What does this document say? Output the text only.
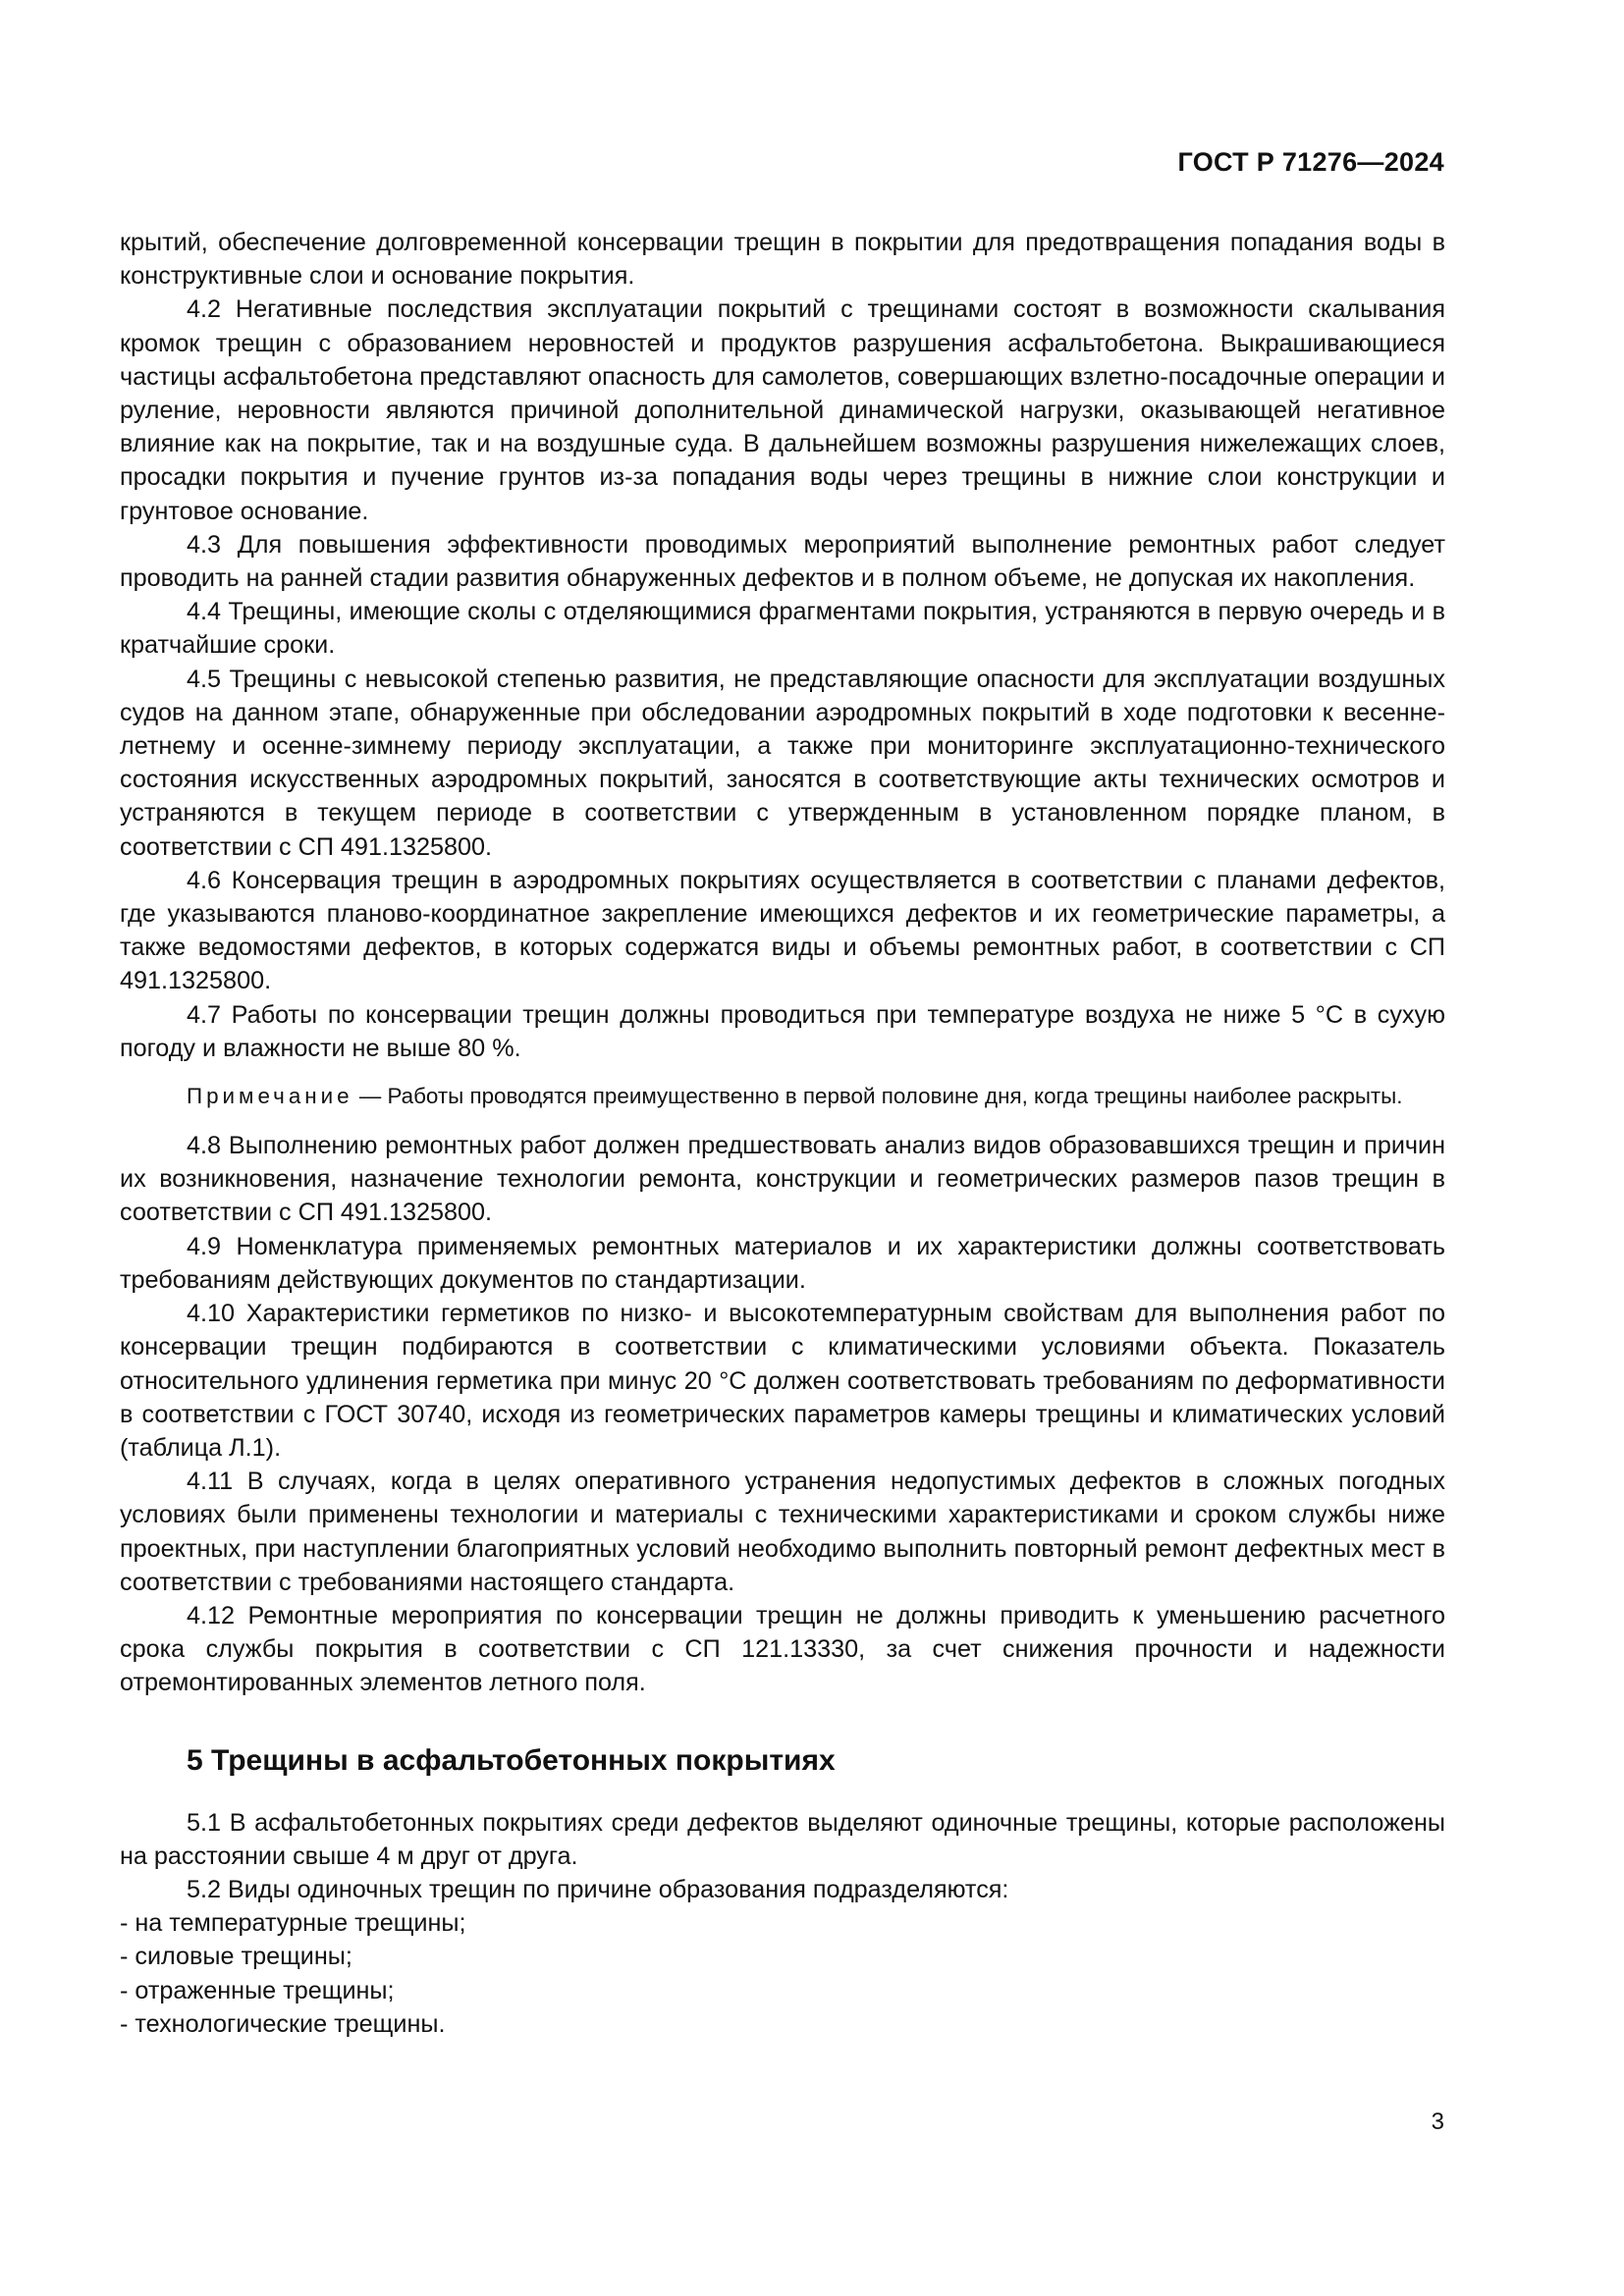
ГОСТ Р 71276—2024

крытий, обеспечение долговременной консервации трещин в покрытии для предотвращения попадания воды в конструктивные слои и основание покрытия.

4.2 Негативные последствия эксплуатации покрытий с трещинами состоят в возможности скалывания кромок трещин с образованием неровностей и продуктов разрушения асфальтобетона. Выкрашивающиеся частицы асфальтобетона представляют опасность для самолетов, совершающих взлетно-посадочные операции и руление, неровности являются причиной дополнительной динамической нагрузки, оказывающей негативное влияние как на покрытие, так и на воздушные суда. В дальнейшем возможны разрушения нижележащих слоев, просадки покрытия и пучение грунтов из-за попадания воды через трещины в нижние слои конструкции и грунтовое основание.

4.3 Для повышения эффективности проводимых мероприятий выполнение ремонтных работ следует проводить на ранней стадии развития обнаруженных дефектов и в полном объеме, не допуская их накопления.

4.4 Трещины, имеющие сколы с отделяющимися фрагментами покрытия, устраняются в первую очередь и в кратчайшие сроки.

4.5 Трещины с невысокой степенью развития, не представляющие опасности для эксплуатации воздушных судов на данном этапе, обнаруженные при обследовании аэродромных покрытий в ходе подготовки к весенне-летнему и осенне-зимнему периоду эксплуатации, а также при мониторинге эксплуатационно-технического состояния искусственных аэродромных покрытий, заносятся в соответствующие акты технических осмотров и устраняются в текущем периоде в соответствии с утвержденным в установленном порядке планом, в соответствии с СП 491.1325800.

4.6 Консервация трещин в аэродромных покрытиях осуществляется в соответствии с планами дефектов, где указываются планово-координатное закрепление имеющихся дефектов и их геометрические параметры, а также ведомостями дефектов, в которых содержатся виды и объемы ремонтных работ, в соответствии с СП 491.1325800.

4.7 Работы по консервации трещин должны проводиться при температуре воздуха не ниже 5 °С в сухую погоду и влажности не выше 80 %.

Примечание — Работы проводятся преимущественно в первой половине дня, когда трещины наиболее раскрыты.

4.8 Выполнению ремонтных работ должен предшествовать анализ видов образовавшихся трещин и причин их возникновения, назначение технологии ремонта, конструкции и геометрических размеров пазов трещин в соответствии с СП 491.1325800.

4.9 Номенклатура применяемых ремонтных материалов и их характеристики должны соответствовать требованиям действующих документов по стандартизации.

4.10 Характеристики герметиков по низко- и высокотемпературным свойствам для выполнения работ по консервации трещин подбираются в соответствии с климатическими условиями объекта. Показатель относительного удлинения герметика при минус 20 °С должен соответствовать требованиям по деформативности в соответствии с ГОСТ 30740, исходя из геометрических параметров камеры трещины и климатических условий (таблица Л.1).

4.11 В случаях, когда в целях оперативного устранения недопустимых дефектов в сложных погодных условиях были применены технологии и материалы с техническими характеристиками и сроком службы ниже проектных, при наступлении благоприятных условий необходимо выполнить повторный ремонт дефектных мест в соответствии с требованиями настоящего стандарта.

4.12 Ремонтные мероприятия по консервации трещин не должны приводить к уменьшению расчетного срока службы покрытия в соответствии с СП 121.13330, за счет снижения прочности и надежности отремонтированных элементов летного поля.

5 Трещины в асфальтобетонных покрытиях

5.1 В асфальтобетонных покрытиях среди дефектов выделяют одиночные трещины, которые расположены на расстоянии свыше 4 м друг от друга.

5.2 Виды одиночных трещин по причине образования подразделяются:

- на температурные трещины;
- силовые трещины;
- отраженные трещины;
- технологические трещины.
3
